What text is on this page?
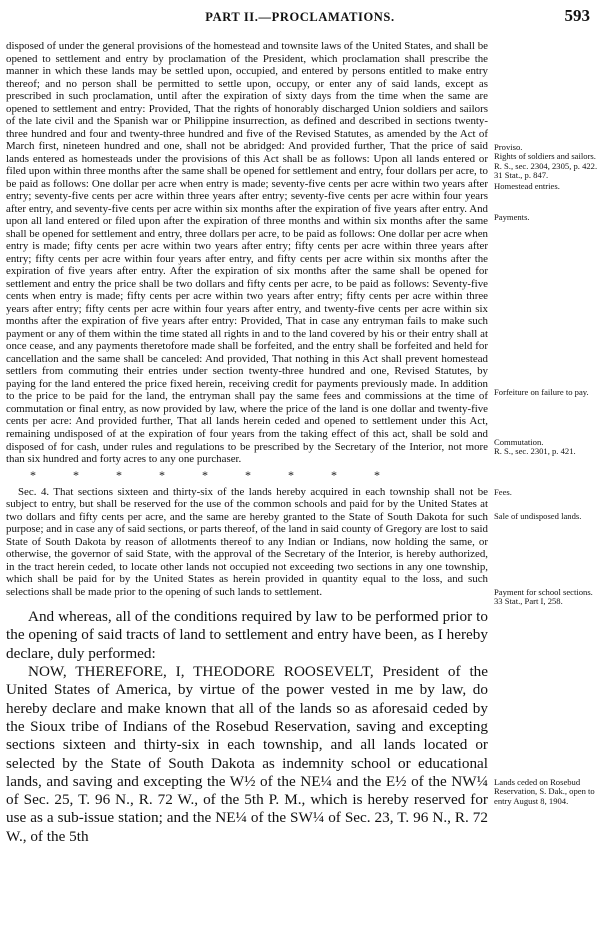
PART II.—PROCLAMATIONS.	593

disposed of under the general provisions of the homestead and townsite laws of the United States, and shall be opened to settlement and entry by proclamation of the President, which proclamation shall prescribe the manner in which these lands may be settled upon, occupied, and entered by persons entitled to make entry thereof; and no person shall be permitted to settle upon, occupy, or enter any of said lands, except as prescribed in such proclamation, until after the expiration of sixty days from the time when the same are opened to settlement and entry: Provided, That the rights of honorably discharged Union soldiers and sailors of the late civil and the Spanish war or Philippine insurrection, as defined and described in sections twenty-three hundred and four and twenty-three hundred and five of the Revised Statutes, as amended by the Act of March first, nineteen hundred and one, shall not be abridged: And provided further, That the price of said lands entered as homesteads under the provisions of this Act shall be as follows: Upon all lands entered or filed upon within three months after the same shall be opened for settlement and entry, four dollars per acre, to be paid as follows: One dollar per acre when entry is made; seventy-five cents per acre within two years after entry; seventy-five cents per acre within three years after entry; seventy-five cents per acre within four years after entry, and seventy-five cents per acre within six months after the expiration of five years after entry. And upon all land entered or filed upon after the expiration of three months and within six months after the same shall be opened for settlement and entry, three dollars per acre, to be paid as follows: One dollar per acre when entry is made; fifty cents per acre within two years after entry; fifty cents per acre within three years after entry; fifty cents per acre within four years after entry, and fifty cents per acre within six months after the expiration of five years after entry. After the expiration of six months after the same shall be opened for settlement and entry the price shall be two dollars and fifty cents per acre, to be paid as follows: Seventy-five cents when entry is made; fifty cents per acre within two years after entry; fifty cents per acre within three years after entry; fifty cents per acre within four years after entry, and twenty-five cents per acre within six months after the expiration of five years after entry: Provided, That in case any entryman fails to make such payment or any of them within the time stated all rights in and to the land covered by his or their entry shall at once cease, and any payments theretofore made shall be forfeited, and the entry shall be forfeited and held for cancellation and the same shall be canceled: And provided, That nothing in this Act shall prevent homestead settlers from commuting their entries under section twenty-three hundred and one, Revised Statutes, by paying for the land entered the price fixed herein, receiving credit for payments previously made. In addition to the price to be paid for the land, the entryman shall pay the same fees and commissions at the time of commutation or final entry, as now provided by law, where the price of the land is one dollar and twenty-five cents per acre: And provided further, That all lands herein ceded and opened to settlement under this Act, remaining undisposed of at the expiration of four years from the taking effect of this act, shall be sold and disposed of for cash, under rules and regulations to be prescribed by the Secretary of the Interior, not more than six hundred and forty acres to any one purchaser.

*	*	*	*	*	*	*	*	*

Sec. 4. That sections sixteen and thirty-six of the lands hereby acquired in each township shall not be subject to entry, but shall be reserved for the use of the common schools and paid for by the United States at two dollars and fifty cents per acre, and the same are hereby granted to the State of South Dakota for such purpose; and in case any of said sections, or parts thereof, of the land in said county of Gregory are lost to said State of South Dakota by reason of allotments thereof to any Indian or Indians, now holding the same, or otherwise, the governor of said State, with the approval of the Secretary of the Interior, is hereby authorized, in the tract herein ceded, to locate other lands not occupied not exceeding two sections in any one township, which shall be paid for by the United States as herein provided in quantity equal to the loss, and such selections shall be made prior to the opening of such lands to settlement.

And whereas, all of the conditions required by law to be performed prior to the opening of said tracts of land to settlement and entry have been, as I hereby declare, duly performed:

NOW, THEREFORE, I, THEODORE ROOSEVELT, President of the United States of America, by virtue of the power vested in me by law, do hereby declare and make known that all of the lands so as aforesaid ceded by the Sioux tribe of Indians of the Rosebud Reservation, saving and excepting sections sixteen and thirty-six in each township, and all lands located or selected by the State of South Dakota as indemnity school or educational lands, and saving and excepting the W½ of the NE¼ and the E½ of the NW¼ of Sec. 25, T. 96 N., R. 72 W., of the 5th P. M., which is hereby reserved for use as a sub-issue station; and the NE¼ of the SW¼ of Sec. 23, T. 96 N., R. 72 W., of the 5th

Proviso.
Rights of soldiers and sailors.
R. S., sec. 2304, 2305, p. 422.
31 Stat., p. 847.
Homestead entries.
Payments.
Forfeiture on failure to pay.
Commutation.
R. S., sec. 2301, p. 421.
Fees.
Sale of undisposed lands.
Payment for school sections.
33 Stat., Part I, 258.
Lands ceded on Rosebud Reservation, S. Dak., open to entry August 8, 1904.
